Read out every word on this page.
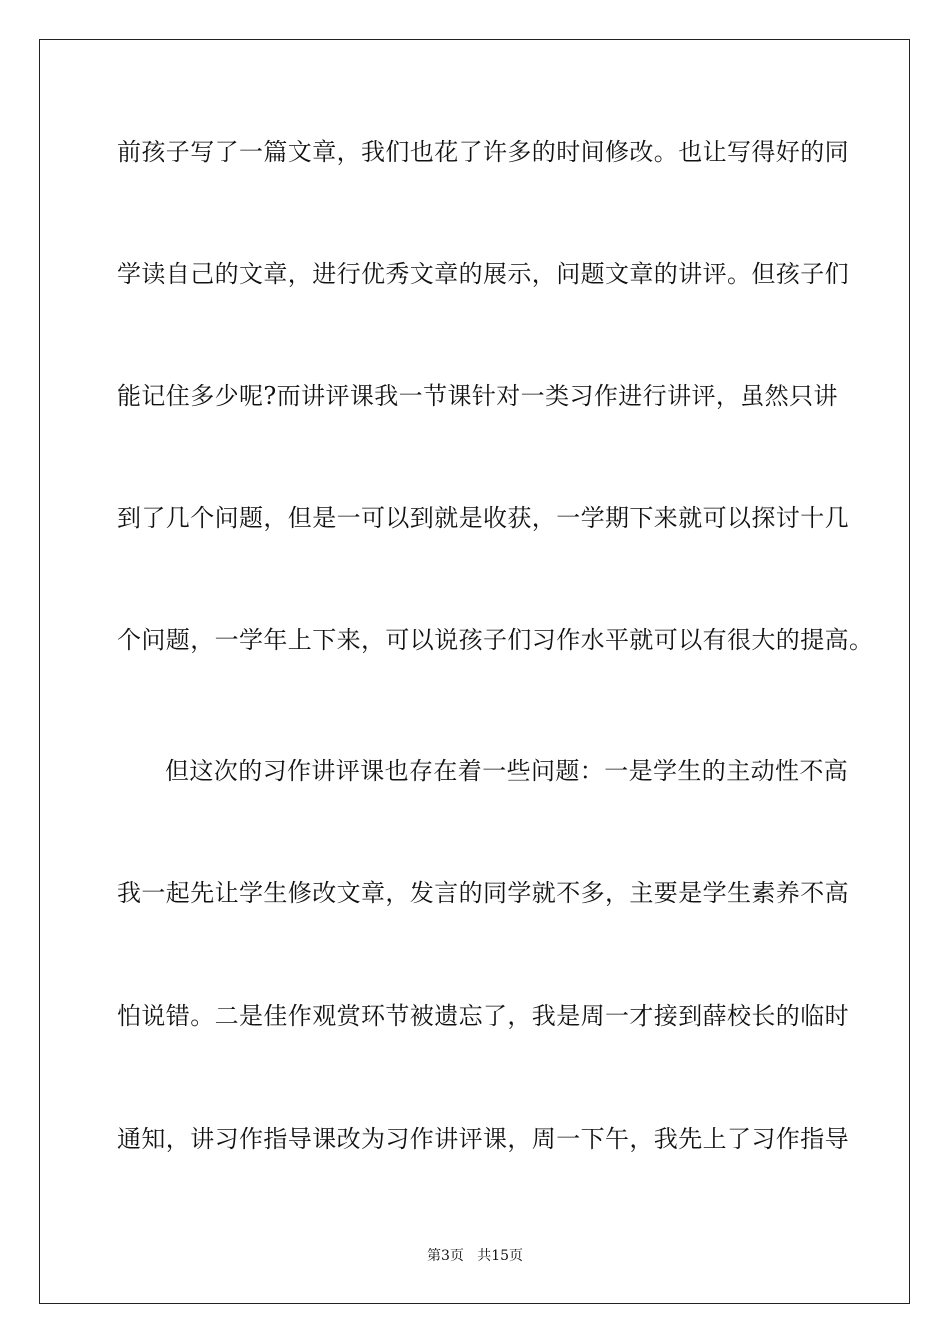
前孩子写了一篇文章，我们也花了许多的时间修改。也让写得好的同
学读自己的文章，进行优秀文章的展示，问题文章的讲评。但孩子们
能记住多少呢?而讲评课我一节课针对一类习作进行讲评，虽然只讲
到了几个问题，但是一可以到就是收获，一学期下来就可以探讨十几
个问题，一学年上下来，可以说孩子们习作水平就可以有很大的提高。
但这次的习作讲评课也存在着一些问题：一是学生的主动性不高
我一起先让学生修改文章，发言的同学就不多，主要是学生素养不高
怕说错。二是佳作观赏环节被遗忘了，我是周一才接到薛校长的临时
通知，讲习作指导课改为习作讲评课，周一下午，我先上了习作指导
第3页   共15页
